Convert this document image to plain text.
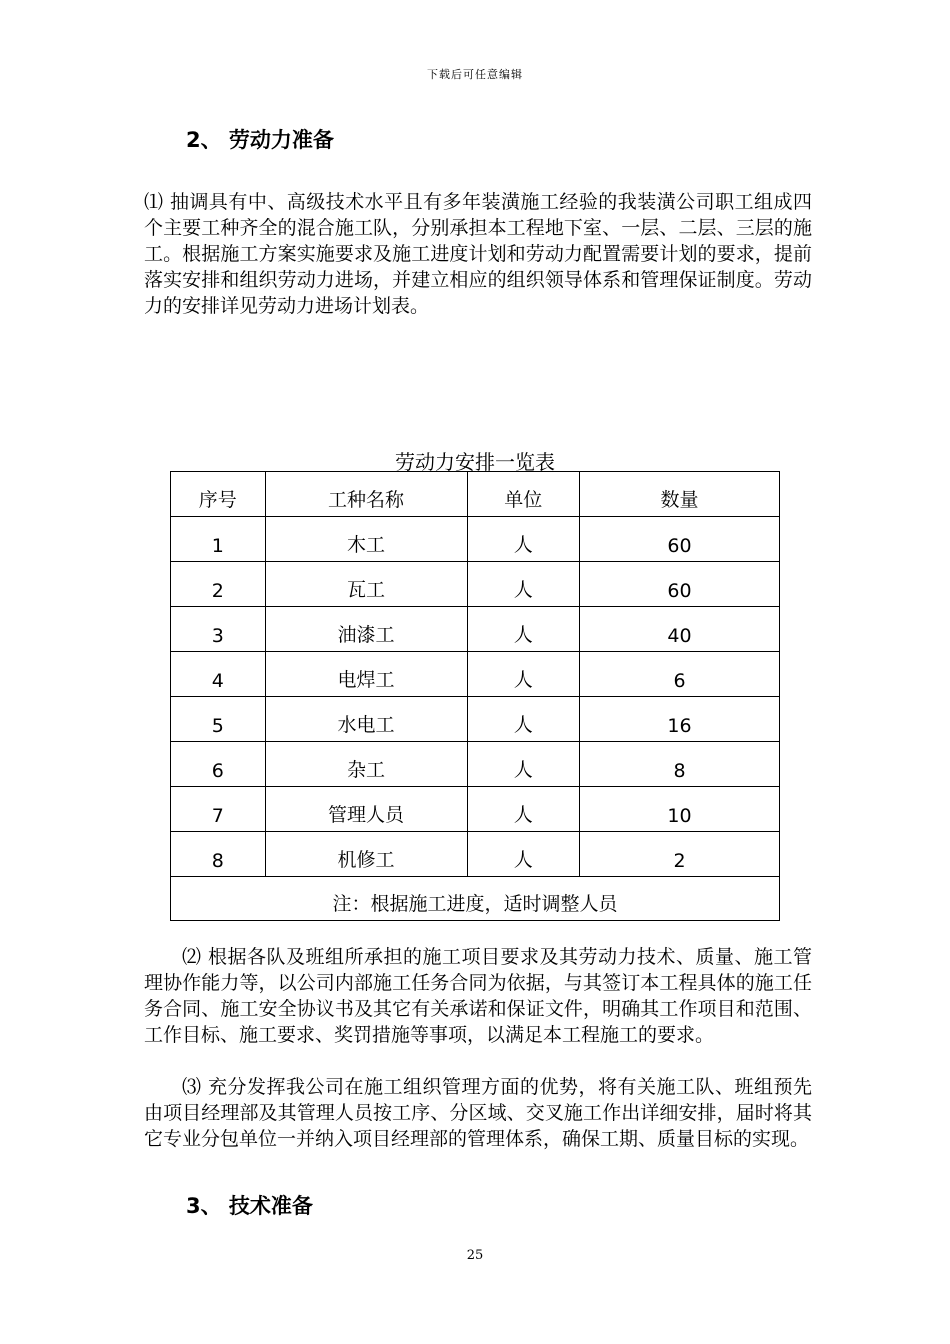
下载后可任意编辑
2、 劳动力准备
⑴ 抽调具有中、高级技术水平且有多年装潢施工经验的我装潢公司职工组成四个主要工种齐全的混合施工队，分别承担本工程地下室、一层、二层、三层的施工。根据施工方案实施要求及施工进度计划和劳动力配置需要计划的要求，提前落实安排和组织劳动力进场，并建立相应的组织领导体系和管理保证制度。劳动力的安排详见劳动力进场计划表。
劳动力安排一览表
序号	工种名称	单位	数量
1	木工	人	60
2	瓦工	人	60
3	油漆工	人	40
4	电焊工	人	6
5	水电工	人	16
6	杂工	人	8
7	管理人员	人	10
8	机修工	人	2
注：根据施工进度，适时调整人员			
⑵ 根据各队及班组所承担的施工项目要求及其劳动力技术、质量、施工管理协作能力等，以公司内部施工任务合同为依据，与其签订本工程具体的施工任务合同、施工安全协议书及其它有关承诺和保证文件，明确其工作项目和范围、工作目标、施工要求、奖罚措施等事项，以满足本工程施工的要求。
⑶ 充分发挥我公司在施工组织管理方面的优势，将有关施工队、班组预先由项目经理部及其管理人员按工序、分区域、交叉施工作出详细安排，届时将其它专业分包单位一并纳入项目经理部的管理体系，确保工期、质量目标的实现。
3、 技术准备
25
